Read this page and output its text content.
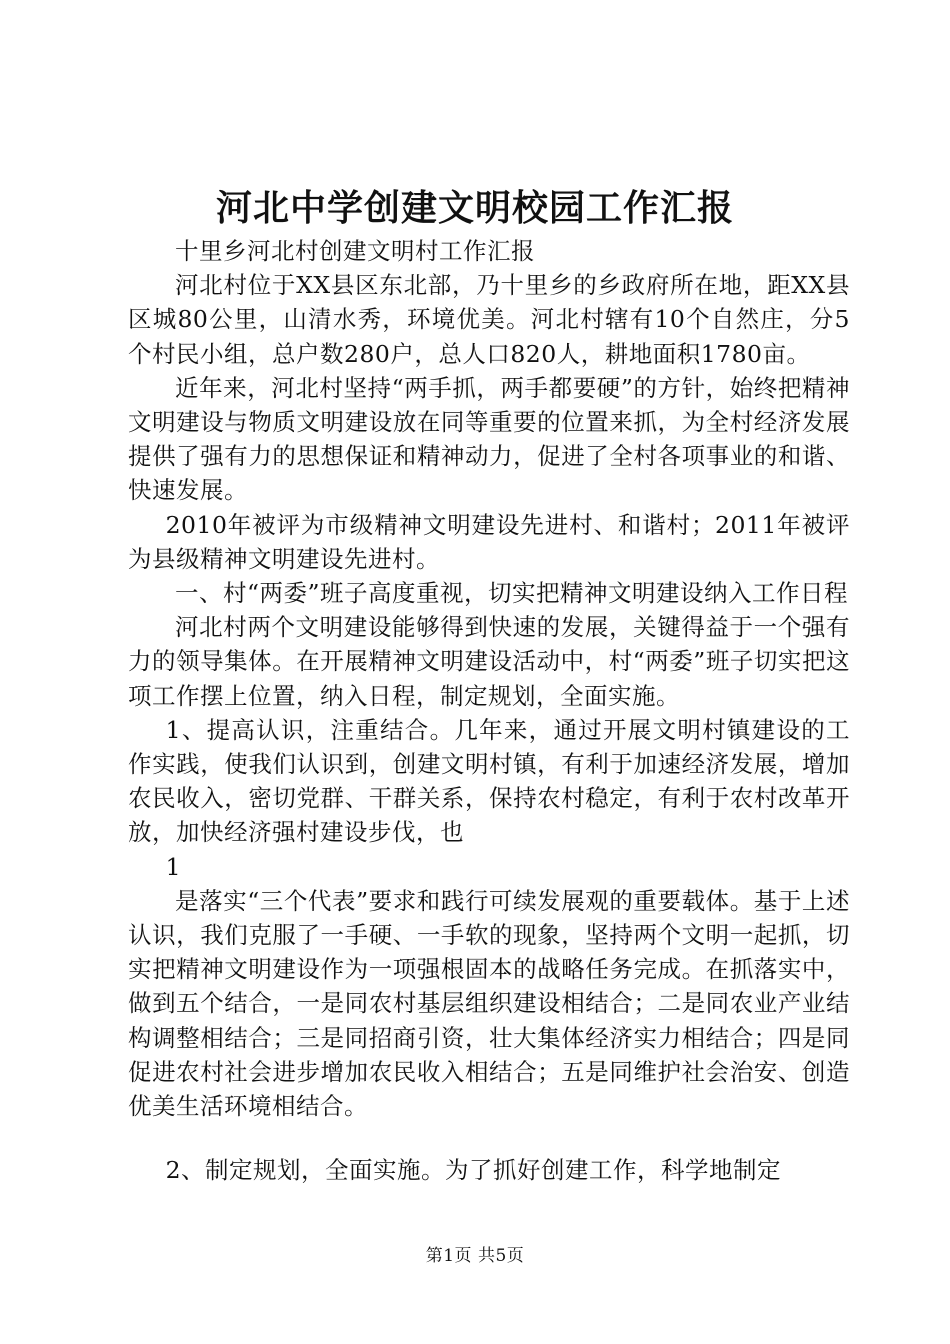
河北中学创建文明校园工作汇报

十里乡河北村创建文明村工作汇报

河北村位于XX县区东北部，乃十里乡的乡政府所在地，距XX县区城80公里，山清水秀，环境优美。河北村辖有10个自然庄，分5个村民小组，总户数280户，总人口820人，耕地面积1780亩。

近年来，河北村坚持“两手抓，两手都要硬”的方针，始终把精神文明建设与物质文明建设放在同等重要的位置来抓，为全村经济发展提供了强有力的思想保证和精神动力，促进了全村各项事业的和谐、快速发展。

2010年被评为市级精神文明建设先进村、和谐村；2011年被评为县级精神文明建设先进村。

一、村“两委”班子高度重视，切实把精神文明建设纳入工作日程

河北村两个文明建设能够得到快速的发展，关键得益于一个强有力的领导集体。在开展精神文明建设活动中，村“两委”班子切实把这项工作摆上位置，纳入日程，制定规划，全面实施。

1、提高认识，注重结合。几年来，通过开展文明村镇建设的工作实践，使我们认识到，创建文明村镇，有利于加速经济发展，增加农民收入，密切党群、干群关系，保持农村稳定，有利于农村改革开放，加快经济强村建设步伐，也

1

是落实“三个代表”要求和践行可续发展观的重要载体。基于上述认识，我们克服了一手硬、一手软的现象，坚持两个文明一起抓，切实把精神文明建设作为一项强根固本的战略任务完成。在抓落实中，做到五个结合，一是同农村基层组织建设相结合；二是同农业产业结构调整相结合；三是同招商引资，壮大集体经济实力相结合；四是同促进农村社会进步增加农民收入相结合；五是同维护社会治安、创造优美生活环境相结合。

2、制定规划，全面实施。为了抓好创建工作，科学地制定

第1页 共5页
